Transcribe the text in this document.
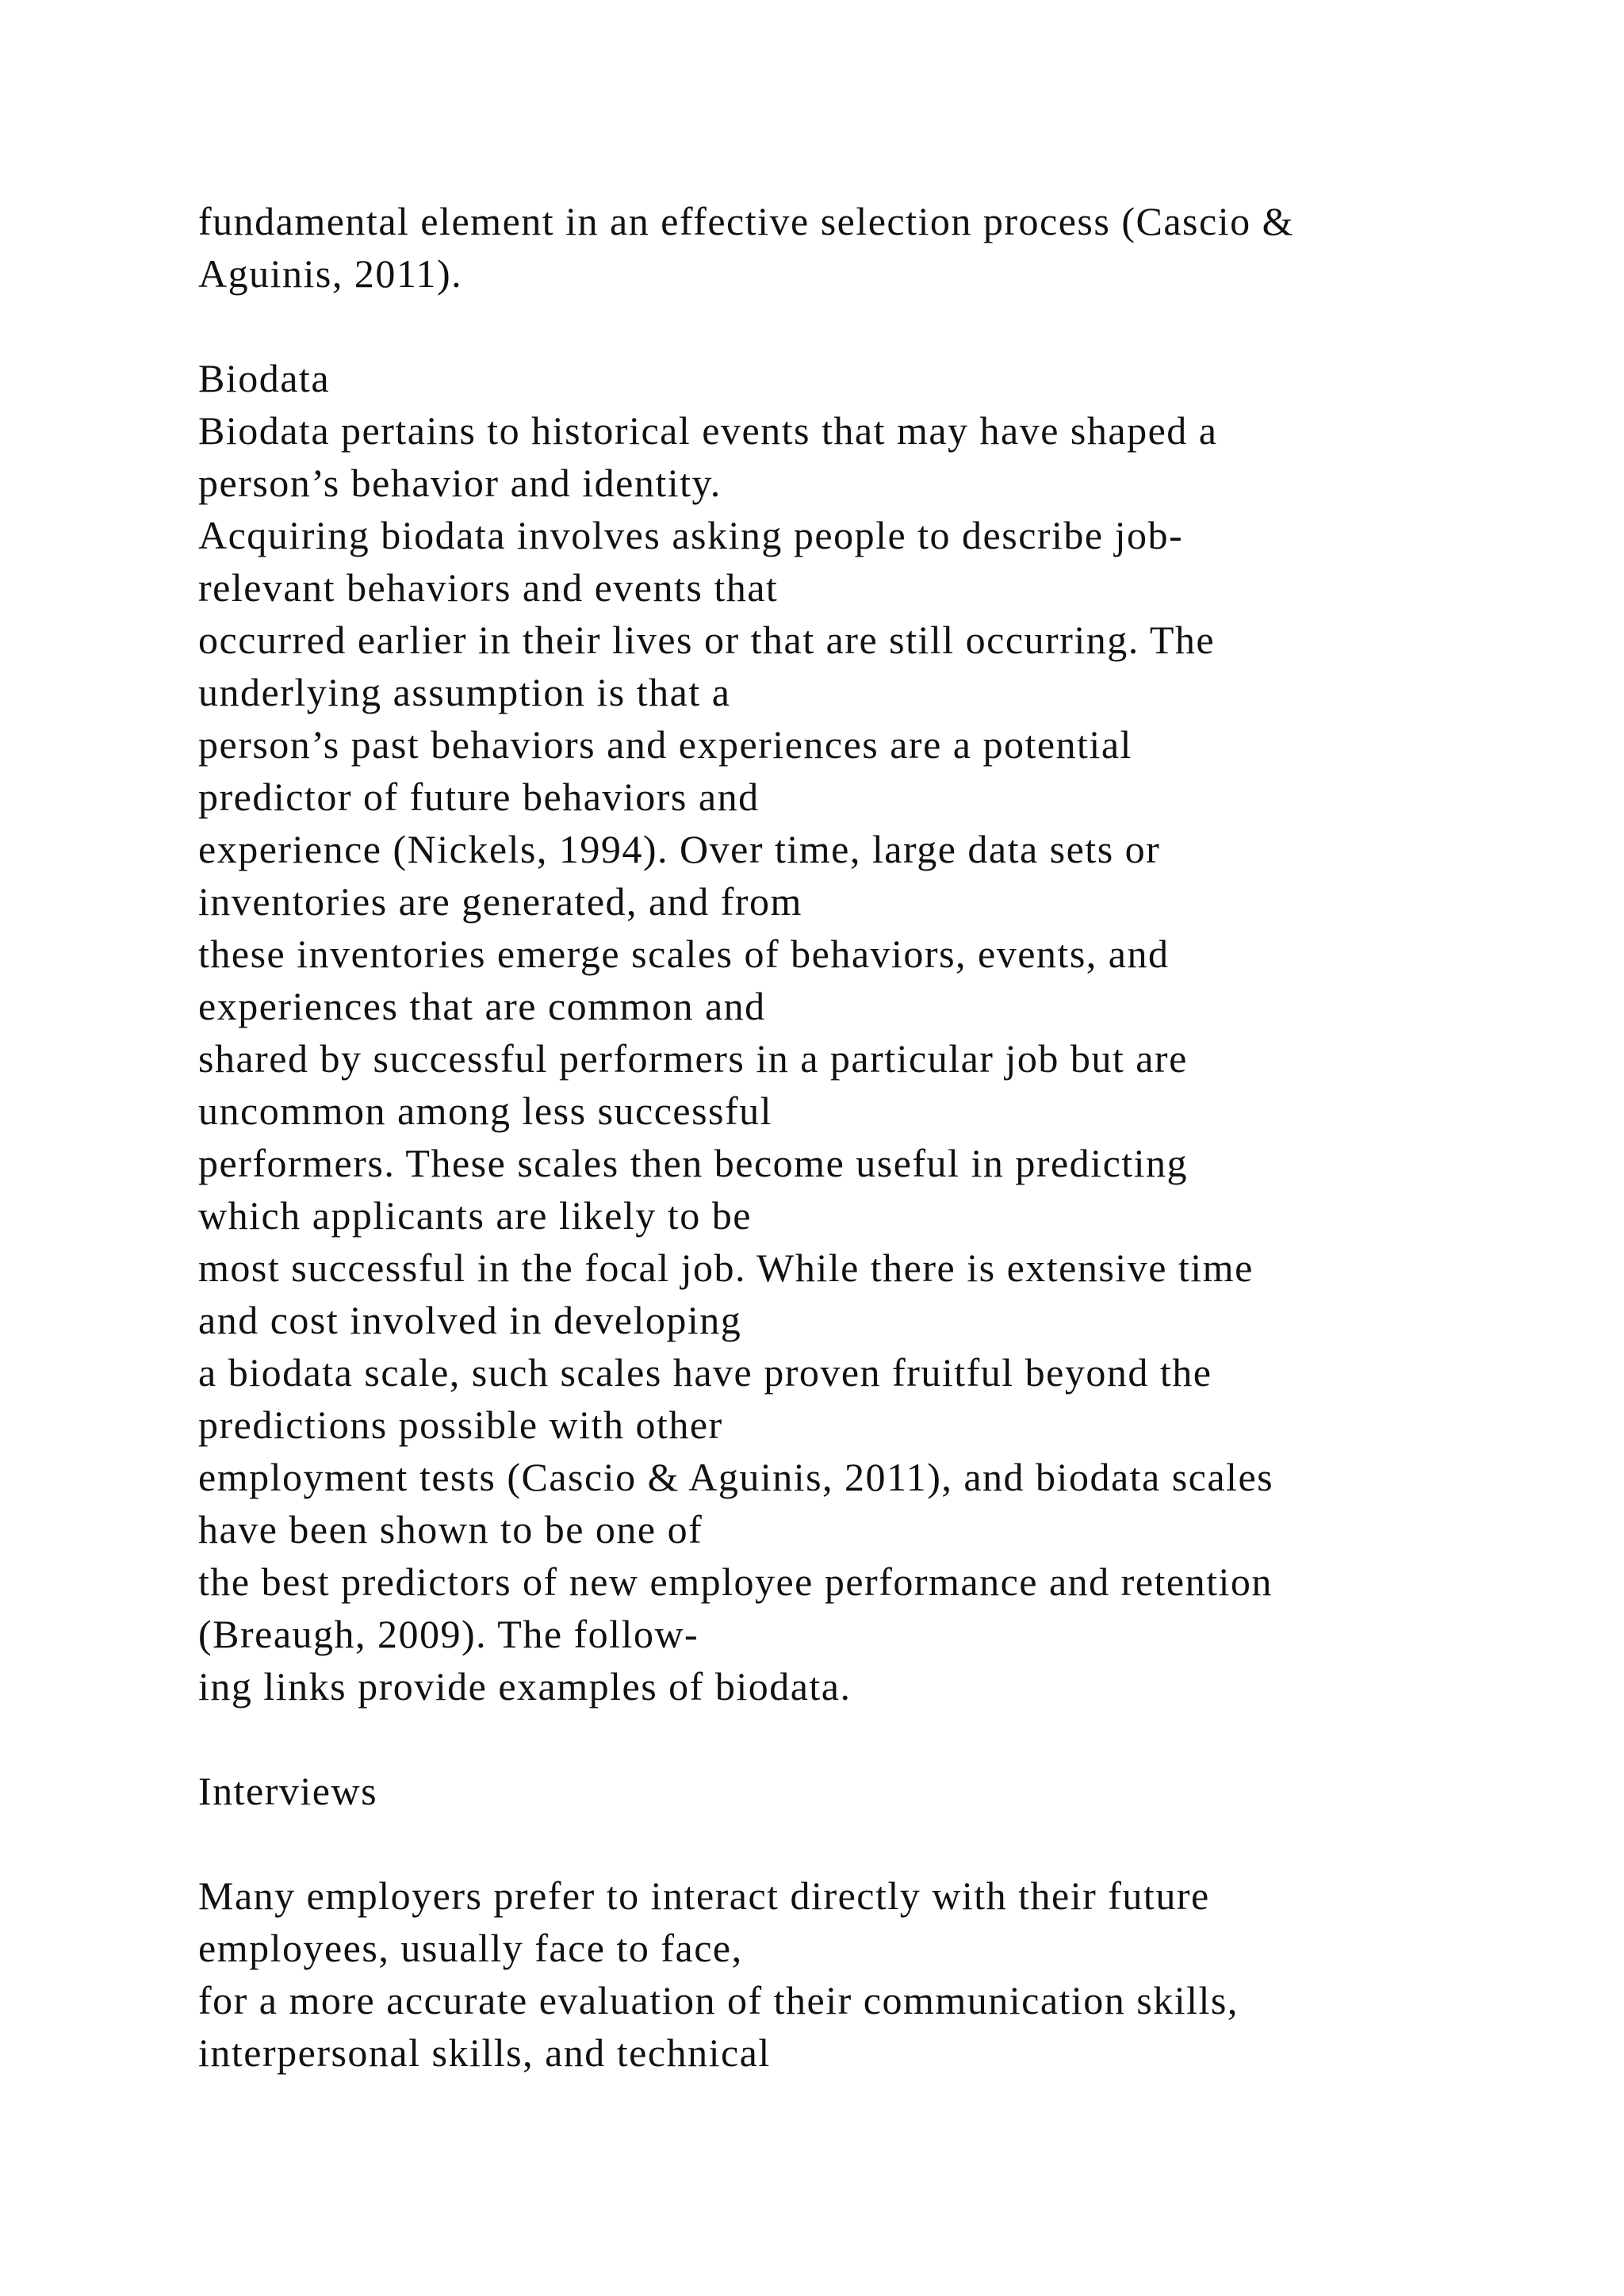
fundamental element in an effective selection process (Cascio &
Aguinis, 2011).
Biodata
Biodata pertains to historical events that may have shaped a
person’s behavior and identity.
Acquiring biodata involves asking people to describe job-
relevant behaviors and events that
occurred earlier in their lives or that are still occurring. The
underlying assumption is that a
person’s past behaviors and experiences are a potential
predictor of future behaviors and
experience (Nickels, 1994). Over time, large data sets or
inventories are generated, and from
these inventories emerge scales of behaviors, events, and
experiences that are common and
shared by successful performers in a particular job but are
uncommon among less successful
performers. These scales then become useful in predicting
which applicants are likely to be
most successful in the focal job. While there is extensive time
and cost involved in developing
a biodata scale, such scales have proven fruitful beyond the
predictions possible with other
employment tests (Cascio & Aguinis, 2011), and biodata scales
have been shown to be one of
the best predictors of new employee performance and retention
(Breaugh, 2009). The follow-
ing links provide examples of biodata.
Interviews
Many employers prefer to interact directly with their future
employees, usually face to face,
for a more accurate evaluation of their communication skills,
interpersonal skills, and technical
